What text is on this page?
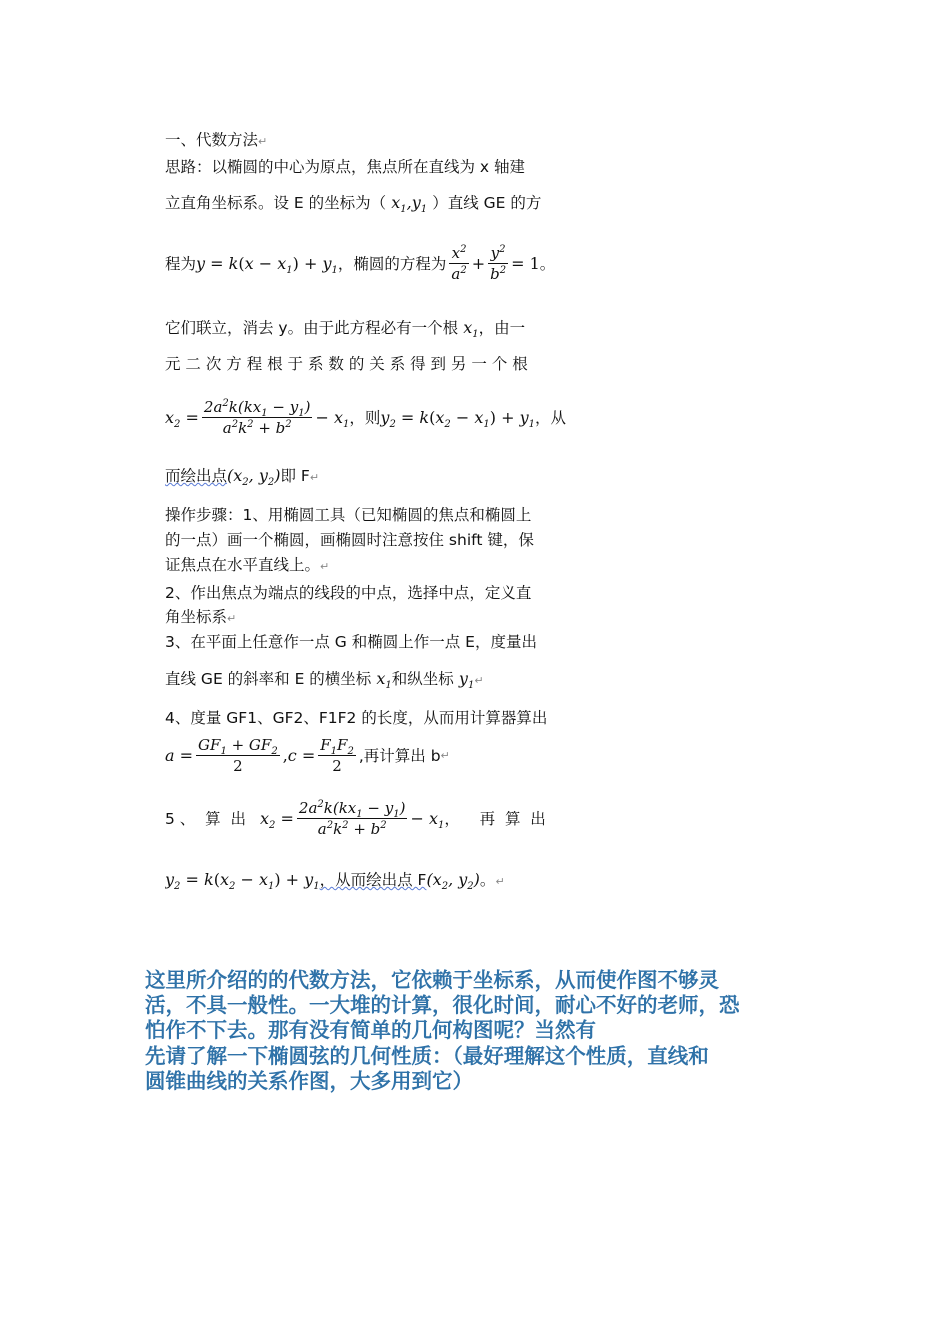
一、代数方法↵
思路：以椭圆的中心为原点，焦点所在直线为 x 轴建
立直角坐标系。设 E 的坐标为（ $x_1,y_1$ ）直线 GE 的方
程为 y = k ( $x - x_1$ ) + $y_1$ ，椭圆的方程为 $\frac{x^2}{a^2} + \frac{y^2}{b^2} = 1$ 。
它们联立，消去 y。由于此方程必有一个根 $x_1$，由一
元 二 次 方 程 根 于 系 数 的 关 系 得 到 另 一 个 根
$x_2 = \frac{2a^2k(kx_1 - y_1)}{a^2k^2 + b^2} - x_1$ ，则 $y_2 = k$ ( $x_2 - x_1$ ) + $y_1$ ，从
而绘出点($x_2$, $y_2$)即 F↵
操作步骤：1、用椭圆工具（已知椭圆的焦点和椭圆上
的一点）画一个椭圆，画椭圆时注意按住 shift 键，保
证焦点在水平直线上。↵
2、作出焦点为端点的线段的中点，选择中点，定义直
角坐标系↵
3、在平面上任意作一点 G 和椭圆上作一点 E，度量出
直线 GE 的斜率和 E 的横坐标 $x_1$和纵坐标 $y_1↵$
4、度量 GF1、GF2、F1F2 的长度，从而用计算器算出
$a = \frac{GF_1 + GF_2}{2}$ , $c = \frac{F_1F_2}{2}$ ,再计算出 b ↵
5 、  算  出 $x_2 = \frac{2a^2k(kx_1 - y_1)}{a^2k^2 + b^2} - x_1$ ，    再  算  出
$y_2 = k(x_2 - x_1) + y_1$，从而绘出点 $F(x_2$, $y_2$)。↵
这里所介绍的的代数方法，它依赖于坐标系，从而使作图不够灵
活，不具一般性。一大堆的计算，很化时间，耐心不好的老师，恐
怕作不下去。那有没有简单的几何构图呢？当然有
先请了解一下椭圆弦的几何性质：（最好理解这个性质，直线和
圆锥曲线的关系作图，大多用到它）
